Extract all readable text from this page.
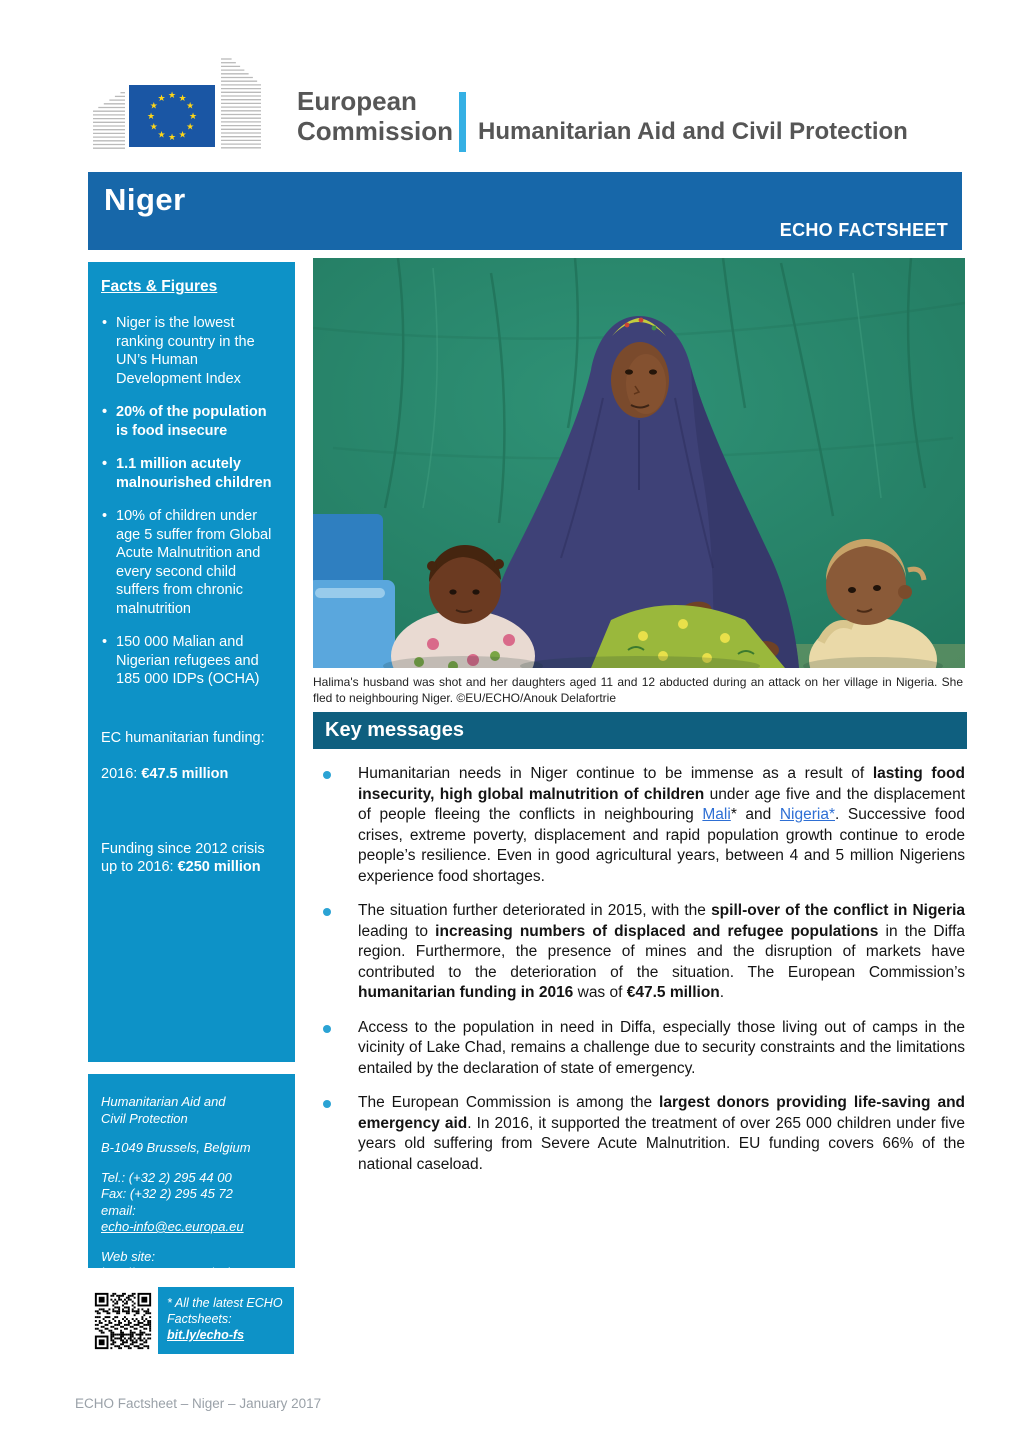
★ ★
★
★
★
★
★
★
★
★
★
★	European
Commission Humanitarian Aid and Civil Protection
Niger
ECHO FACTSHEET
Facts & Figures
• Niger is the lowest ranking country in the UN’s Human Development Index
• 20% of the population is food insecure
• 1.1 million acutely malnourished children
• 10% of children under age 5 suffer from Global Acute Malnutrition and every second child suffers from chronic malnutrition
• 150 000 Malian and Nigerian refugees and 185 000 IDPs (OCHA)
EC humanitarian funding:
2016: €47.5 million
Funding since 2012 crisis up to 2016: €250 million
Humanitarian Aid and
Civil Protection
B-1049 Brussels, Belgium
Tel.: (+32 2) 295 44 00
Fax: (+32 2) 295 45 72
email:
echo-info@ec.europa.eu
Web site:
http://ec.europa.eu/echo
* All the latest ECHO Factsheets: bit.ly/echo-fs
Halima's husband was shot and her daughters aged 11 and 12 abducted during an attack on her village in Nigeria. She fled to neighbouring Niger. ©EU/ECHO/Anouk Delafortrie
Key messages
Humanitarian needs in Niger continue to be immense as a result of lasting food insecurity, high global malnutrition of children under age five and the displacement of people fleeing the conflicts in neighbouring Mali* and Nigeria*. Successive food crises, extreme poverty, displacement and rapid population growth continue to erode people’s resilience. Even in good agricultural years, between 4 and 5 million Nigeriens experience food shortages.
The situation further deteriorated in 2015, with the spill-over of the conflict in Nigeria leading to increasing numbers of displaced and refugee populations in the Diffa region. Furthermore, the presence of mines and the disruption of markets have contributed to the deterioration of the situation. The European Commission’s humanitarian funding in 2016 was of €47.5 million.
Access to the population in need in Diffa, especially those living out of camps in the vicinity of Lake Chad, remains a challenge due to security constraints and the limitations entailed by the declaration of state of emergency.
The European Commission is among the largest donors providing life-saving and emergency aid. In 2016, it supported the treatment of over 265 000 children under five years old suffering from Severe Acute Malnutrition. EU funding covers 66% of the national caseload.
ECHO Factsheet – Niger – January 2017
